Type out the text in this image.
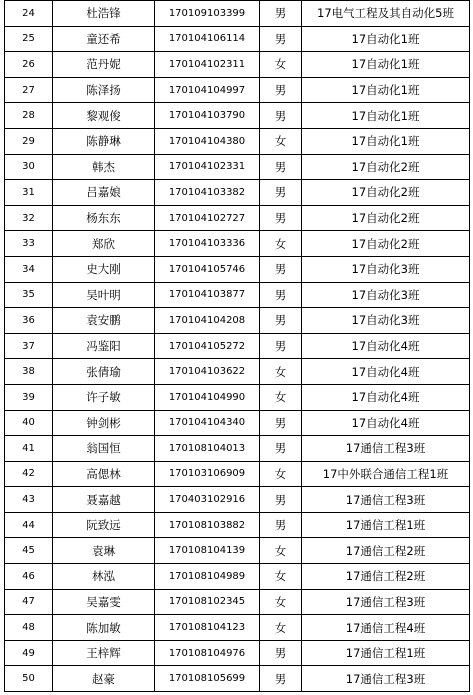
24	杜浩锋	170109103399	男	17电气工程及其自动化5班
25	童还希	170104106114	男	17自动化1班
26	范丹妮	170104102311	女	17自动化1班
27	陈泽扬	170104104997	男	17自动化1班
28	黎观俊	170104103790	男	17自动化1班
29	陈静琳	170104104380	女	17自动化1班
30	韩杰	170104102331	男	17自动化2班
31	吕嘉娘	170104103382	男	17自动化2班
32	杨东东	170104102727	男	17自动化2班
33	郑欣	170104103336	女	17自动化2班
34	史大刚	170104105746	男	17自动化3班
35	吴叶明	170104103877	男	17自动化3班
36	袁安鹏	170104104208	男	17自动化3班
37	冯鉴阳	170104105272	男	17自动化4班
38	张倩瑜	170104103622	女	17自动化4班
39	许子敏	170104104990	女	17自动化4班
40	钟剑彬	170104104340	男	17自动化4班
41	翁国恒	170108104013	男	17通信工程3班
42	高偲林	170103106909	女	17中外联合通信工程1班
43	聂嘉越	170403102916	男	17通信工程3班
44	阮致远	170108103882	男	17通信工程1班
45	袁琳	170108104139	女	17通信工程2班
46	林泓	170108104989	女	17通信工程2班
47	吴嘉雯	170108102345	女	17通信工程3班
48	陈加敏	170108104123	女	17通信工程4班
49	王梓辉	170108104976	男	17通信工程1班
50	赵豪	170108105699	男	17通信工程3班
